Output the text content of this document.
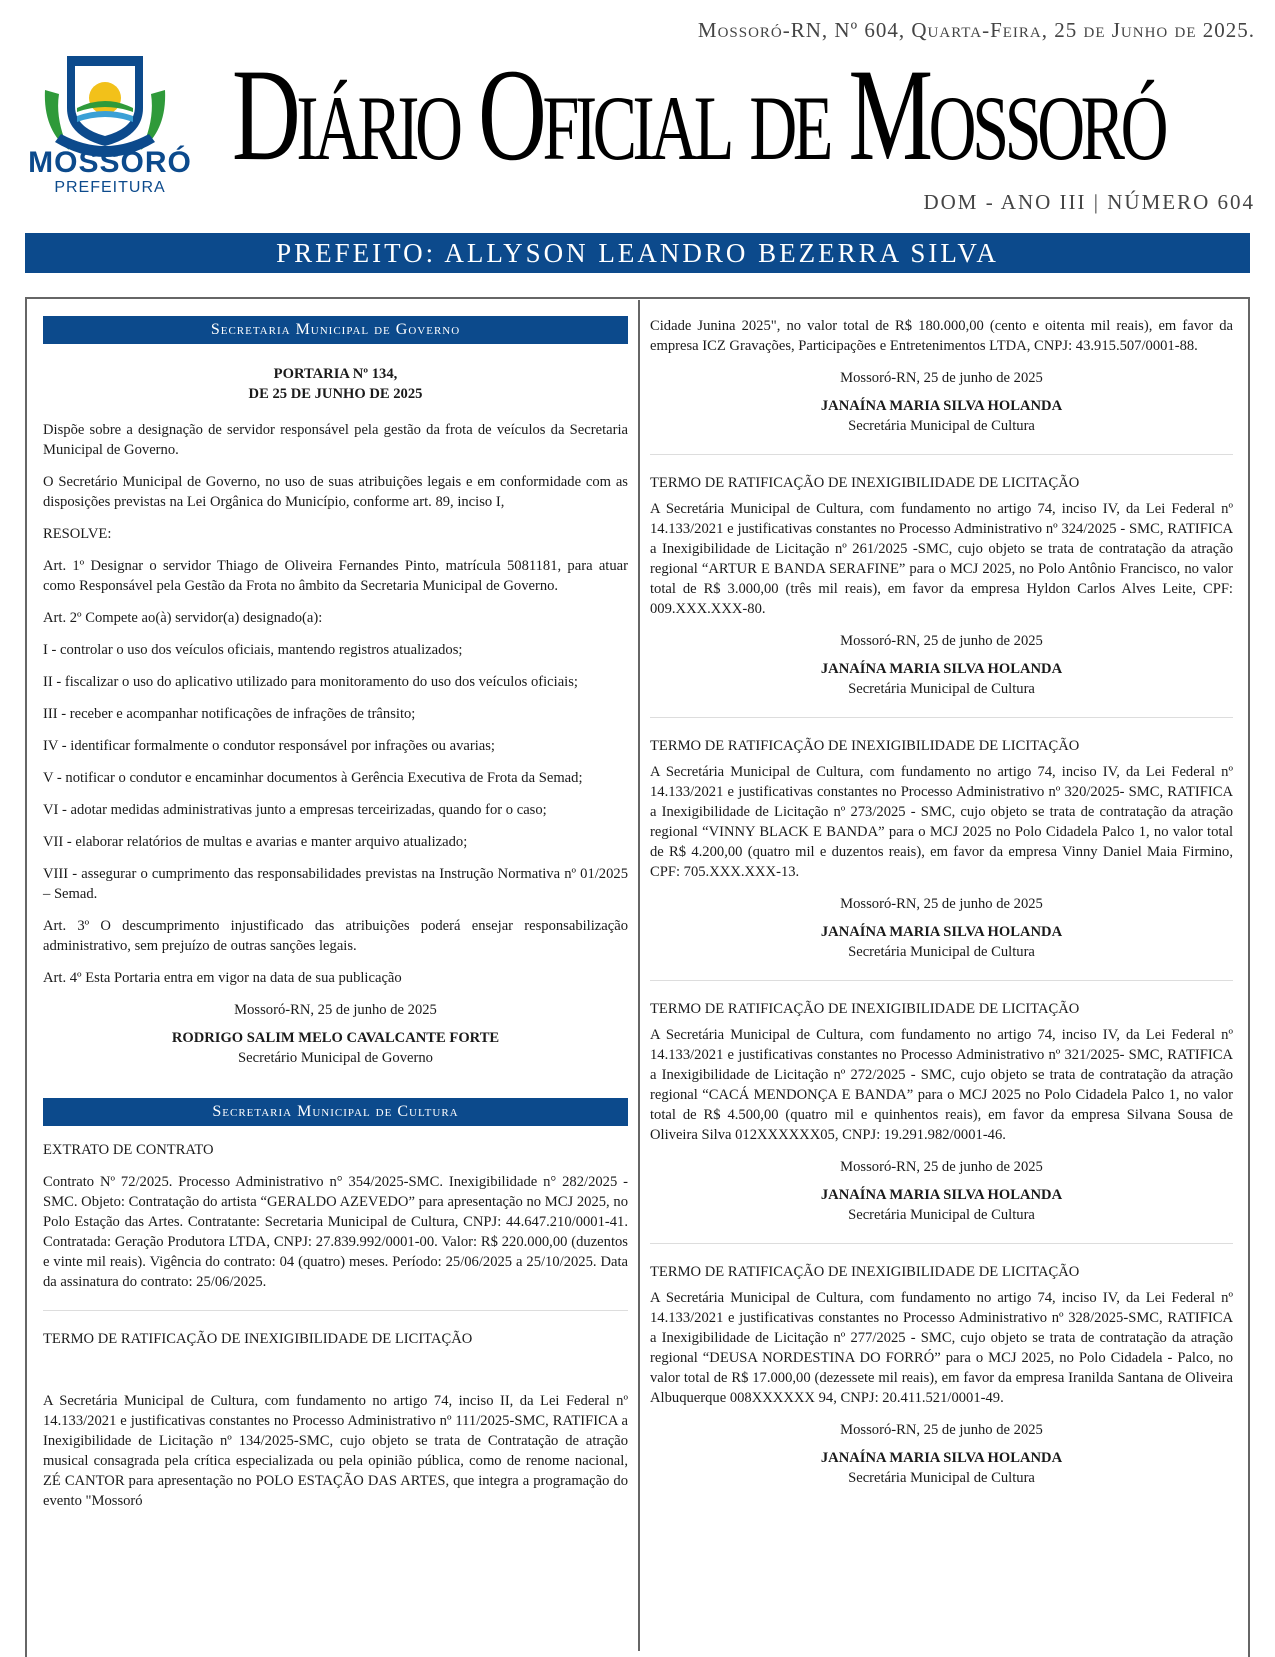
Mossoró-RN, Nº 604, Quarta-Feira, 25 de Junho de 2025.
MOSSORÓ
PREFEITURA Diário Oficial de Mossoró
DOM - ANO III | NÚMERO 604
PREFEITO: ALLYSON LEANDRO BEZERRA SILVA
Secretaria Municipal de Governo
PORTARIA Nº 134,
DE 25 DE JUNHO DE 2025

Dispõe sobre a designação de servidor responsável pela gestão da frota de veículos da Secretaria Municipal de Governo.

O Secretário Municipal de Governo, no uso de suas atribuições legais e em conformidade com as disposições previstas na Lei Orgânica do Município, conforme art. 89, inciso I,

RESOLVE:

Art. 1º Designar o servidor Thiago de Oliveira Fernandes Pinto, matrícula 5081181, para atuar como Responsável pela Gestão da Frota no âmbito da Secretaria Municipal de Governo.

Art. 2º Compete ao(à) servidor(a) designado(a):

I - controlar o uso dos veículos oficiais, mantendo registros atualizados;

II - fiscalizar o uso do aplicativo utilizado para monitoramento do uso dos veículos oficiais;

III - receber e acompanhar notificações de infrações de trânsito;

IV - identificar formalmente o condutor responsável por infrações ou avarias;

V - notificar o condutor e encaminhar documentos à Gerência Executiva de Frota da Semad;

VI - adotar medidas administrativas junto a empresas terceirizadas, quando for o caso;

VII - elaborar relatórios de multas e avarias e manter arquivo atualizado;

VIII - assegurar o cumprimento das responsabilidades previstas na Instrução Normativa nº 01/2025 – Semad.

Art. 3º O descumprimento injustificado das atribuições poderá ensejar responsabilização administrativo, sem prejuízo de outras sanções legais.

Art. 4º Esta Portaria entra em vigor na data de sua publicação

Mossoró-RN, 25 de junho de 2025

RODRIGO SALIM MELO CAVALCANTE FORTE

Secretário Municipal de Governo

Secretaria Municipal de Cultura

EXTRATO DE CONTRATO

Contrato Nº 72/2025. Processo Administrativo n° 354/2025-SMC. Inexigibilidade n° 282/2025 - SMC. Objeto: Contratação do artista “GERALDO AZEVEDO” para apresentação no MCJ 2025, no Polo Estação das Artes. Contratante: Secretaria Municipal de Cultura, CNPJ: 44.647.210/0001-41. Contratada: Geração Produtora LTDA, CNPJ: 27.839.992/0001-00. Valor: R$ 220.000,00 (duzentos e vinte mil reais). Vigência do contrato: 04 (quatro) meses. Período: 25/06/2025 a 25/10/2025. Data da assinatura do contrato: 25/06/2025.

TERMO DE RATIFICAÇÃO DE INEXIGIBILIDADE DE LICITAÇÃO

A Secretária Municipal de Cultura, com fundamento no artigo 74, inciso II, da Lei Federal nº 14.133/2021 e justificativas constantes no Processo Administrativo nº 111/2025-SMC, RATIFICA a Inexigibilidade de Licitação nº 134/2025-SMC, cujo objeto se trata de Contratação de atração musical consagrada pela crítica especializada ou pela opinião pública, como de renome nacional, ZÉ CANTOR para apresentação no POLO ESTAÇÃO DAS ARTES, que integra a programação do evento "Mossoró

Cidade Junina 2025", no valor total de R$ 180.000,00 (cento e oitenta mil reais), em favor da empresa ICZ Gravações, Participações e Entretenimentos LTDA, CNPJ: 43.915.507/0001-88.

Mossoró-RN, 25 de junho de 2025

JANAÍNA MARIA SILVA HOLANDA

Secretária Municipal de Cultura

TERMO DE RATIFICAÇÃO DE INEXIGIBILIDADE DE LICITAÇÃO

A Secretária Municipal de Cultura, com fundamento no artigo 74, inciso IV, da Lei Federal nº 14.133/2021 e justificativas constantes no Processo Administrativo nº 324/2025 - SMC, RATIFICA a Inexigibilidade de Licitação nº 261/2025 -SMC, cujo objeto se trata de contratação da atração regional “ARTUR E BANDA SERAFINE” para o MCJ 2025, no Polo Antônio Francisco, no valor total de R$ 3.000,00 (três mil reais), em favor da empresa Hyldon Carlos Alves Leite, CPF: 009.XXX.XXX-80.

Mossoró-RN, 25 de junho de 2025

JANAÍNA MARIA SILVA HOLANDA

Secretária Municipal de Cultura

TERMO DE RATIFICAÇÃO DE INEXIGIBILIDADE DE LICITAÇÃO

A Secretária Municipal de Cultura, com fundamento no artigo 74, inciso IV, da Lei Federal nº 14.133/2021 e justificativas constantes no Processo Administrativo nº 320/2025- SMC, RATIFICA a Inexigibilidade de Licitação nº 273/2025 - SMC, cujo objeto se trata de contratação da atração regional “VINNY BLACK E BANDA” para o MCJ 2025 no Polo Cidadela Palco 1, no valor total de R$ 4.200,00 (quatro mil e duzentos reais), em favor da empresa Vinny Daniel Maia Firmino, CPF: 705.XXX.XXX-13.

Mossoró-RN, 25 de junho de 2025

JANAÍNA MARIA SILVA HOLANDA

Secretária Municipal de Cultura

TERMO DE RATIFICAÇÃO DE INEXIGIBILIDADE DE LICITAÇÃO

A Secretária Municipal de Cultura, com fundamento no artigo 74, inciso IV, da Lei Federal nº 14.133/2021 e justificativas constantes no Processo Administrativo nº 321/2025- SMC, RATIFICA a Inexigibilidade de Licitação nº 272/2025 - SMC, cujo objeto se trata de contratação da atração regional “CACÁ MENDONÇA E BANDA” para o MCJ 2025 no Polo Cidadela Palco 1, no valor total de R$ 4.500,00 (quatro mil e quinhentos reais), em favor da empresa Silvana Sousa de Oliveira Silva 012XXXXXX05, CNPJ: 19.291.982/0001-46.

Mossoró-RN, 25 de junho de 2025

JANAÍNA MARIA SILVA HOLANDA

Secretária Municipal de Cultura

TERMO DE RATIFICAÇÃO DE INEXIGIBILIDADE DE LICITAÇÃO

A Secretária Municipal de Cultura, com fundamento no artigo 74, inciso IV, da Lei Federal nº 14.133/2021 e justificativas constantes no Processo Administrativo nº 328/2025-SMC, RATIFICA a Inexigibilidade de Licitação nº 277/2025 - SMC, cujo objeto se trata de contratação da atração regional “DEUSA NORDESTINA DO FORRÓ” para o MCJ 2025, no Polo Cidadela - Palco, no valor total de R$ 17.000,00 (dezessete mil reais), em favor da empresa Iranilda Santana de Oliveira Albuquerque 008XXXXXX 94, CNPJ: 20.411.521/0001-49.

Mossoró-RN, 25 de junho de 2025

JANAÍNA MARIA SILVA HOLANDA

Secretária Municipal de Cultura
